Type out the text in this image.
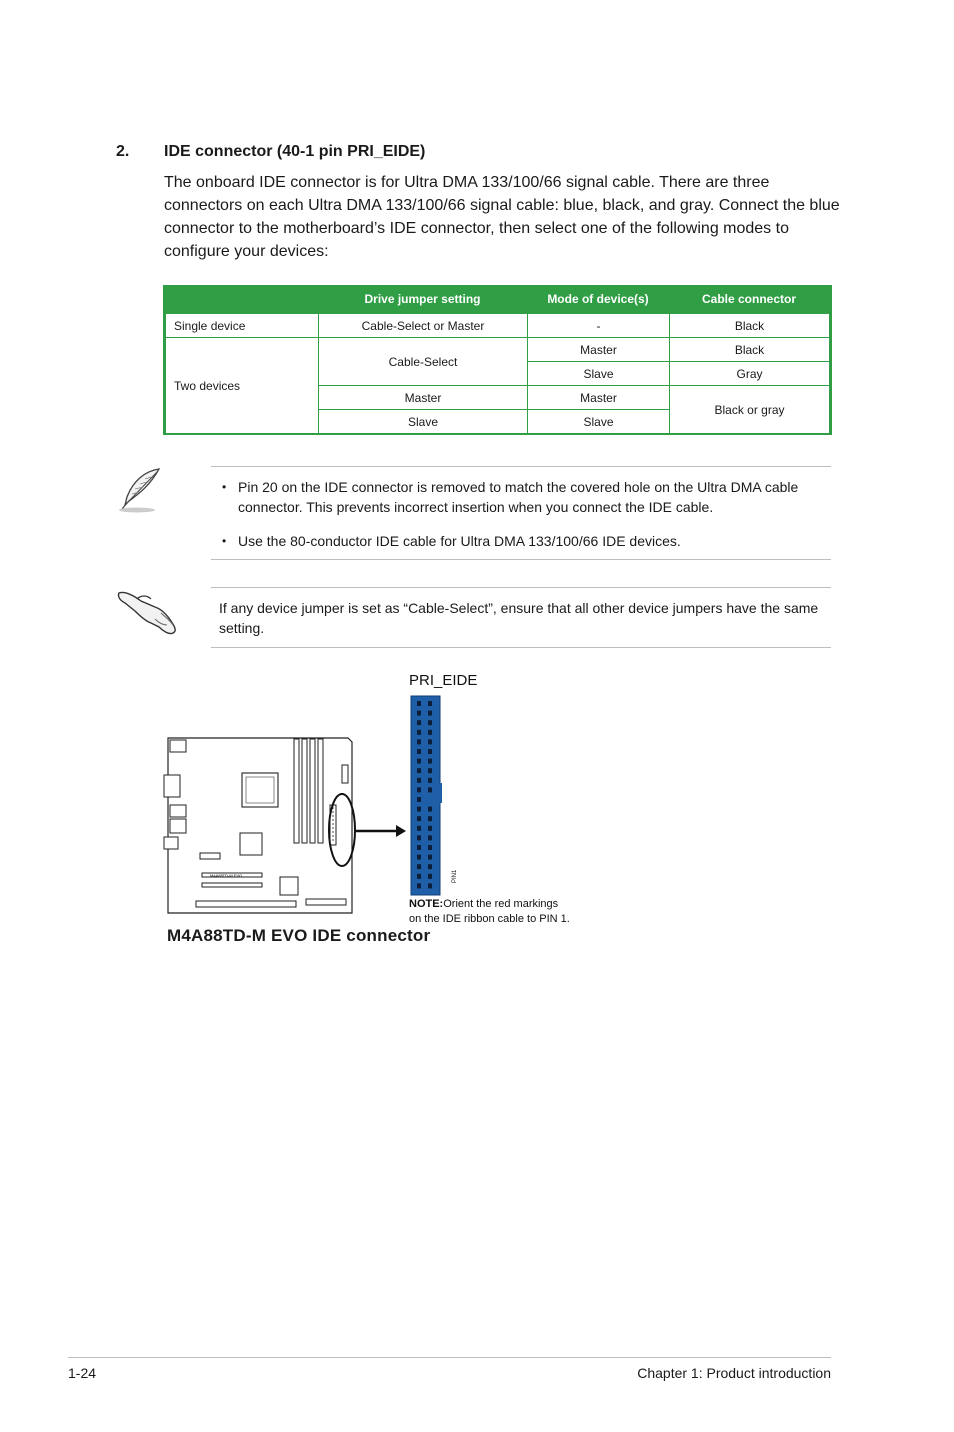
2. IDE connector (40-1 pin PRI_EIDE)
The onboard IDE connector is for Ultra DMA 133/100/66 signal cable. There are three connectors on each Ultra DMA 133/100/66 signal cable: blue, black, and gray. Connect the blue connector to the motherboard’s IDE connector, then select one of the following modes to configure your devices:
	Drive jumper setting	Mode of device(s)	Cable connector
Single device	Cable-Select or Master	-	Black
Two devices	Cable-Select	Master	Black
		Slave	Gray
	Master	Master	Black or gray
	Slave	Slave	
• Pin 20 on the IDE connector is removed to match the covered hole on the Ultra DMA cable connector. This prevents incorrect insertion when you connect the IDE cable.
• Use the 80-conductor IDE cable for Ultra DMA 133/100/66 IDE devices.
If any device jumper is set as “Cable-Select”, ensure that all other device jumpers have the same setting.
M4A88TD-M EVO
PRI_EIDE
PIN1
NOTE:Orient the red markings
on the IDE ribbon cable to PIN 1.
M4A88TD-M EVO IDE connector
1-24	Chapter 1: Product introduction
